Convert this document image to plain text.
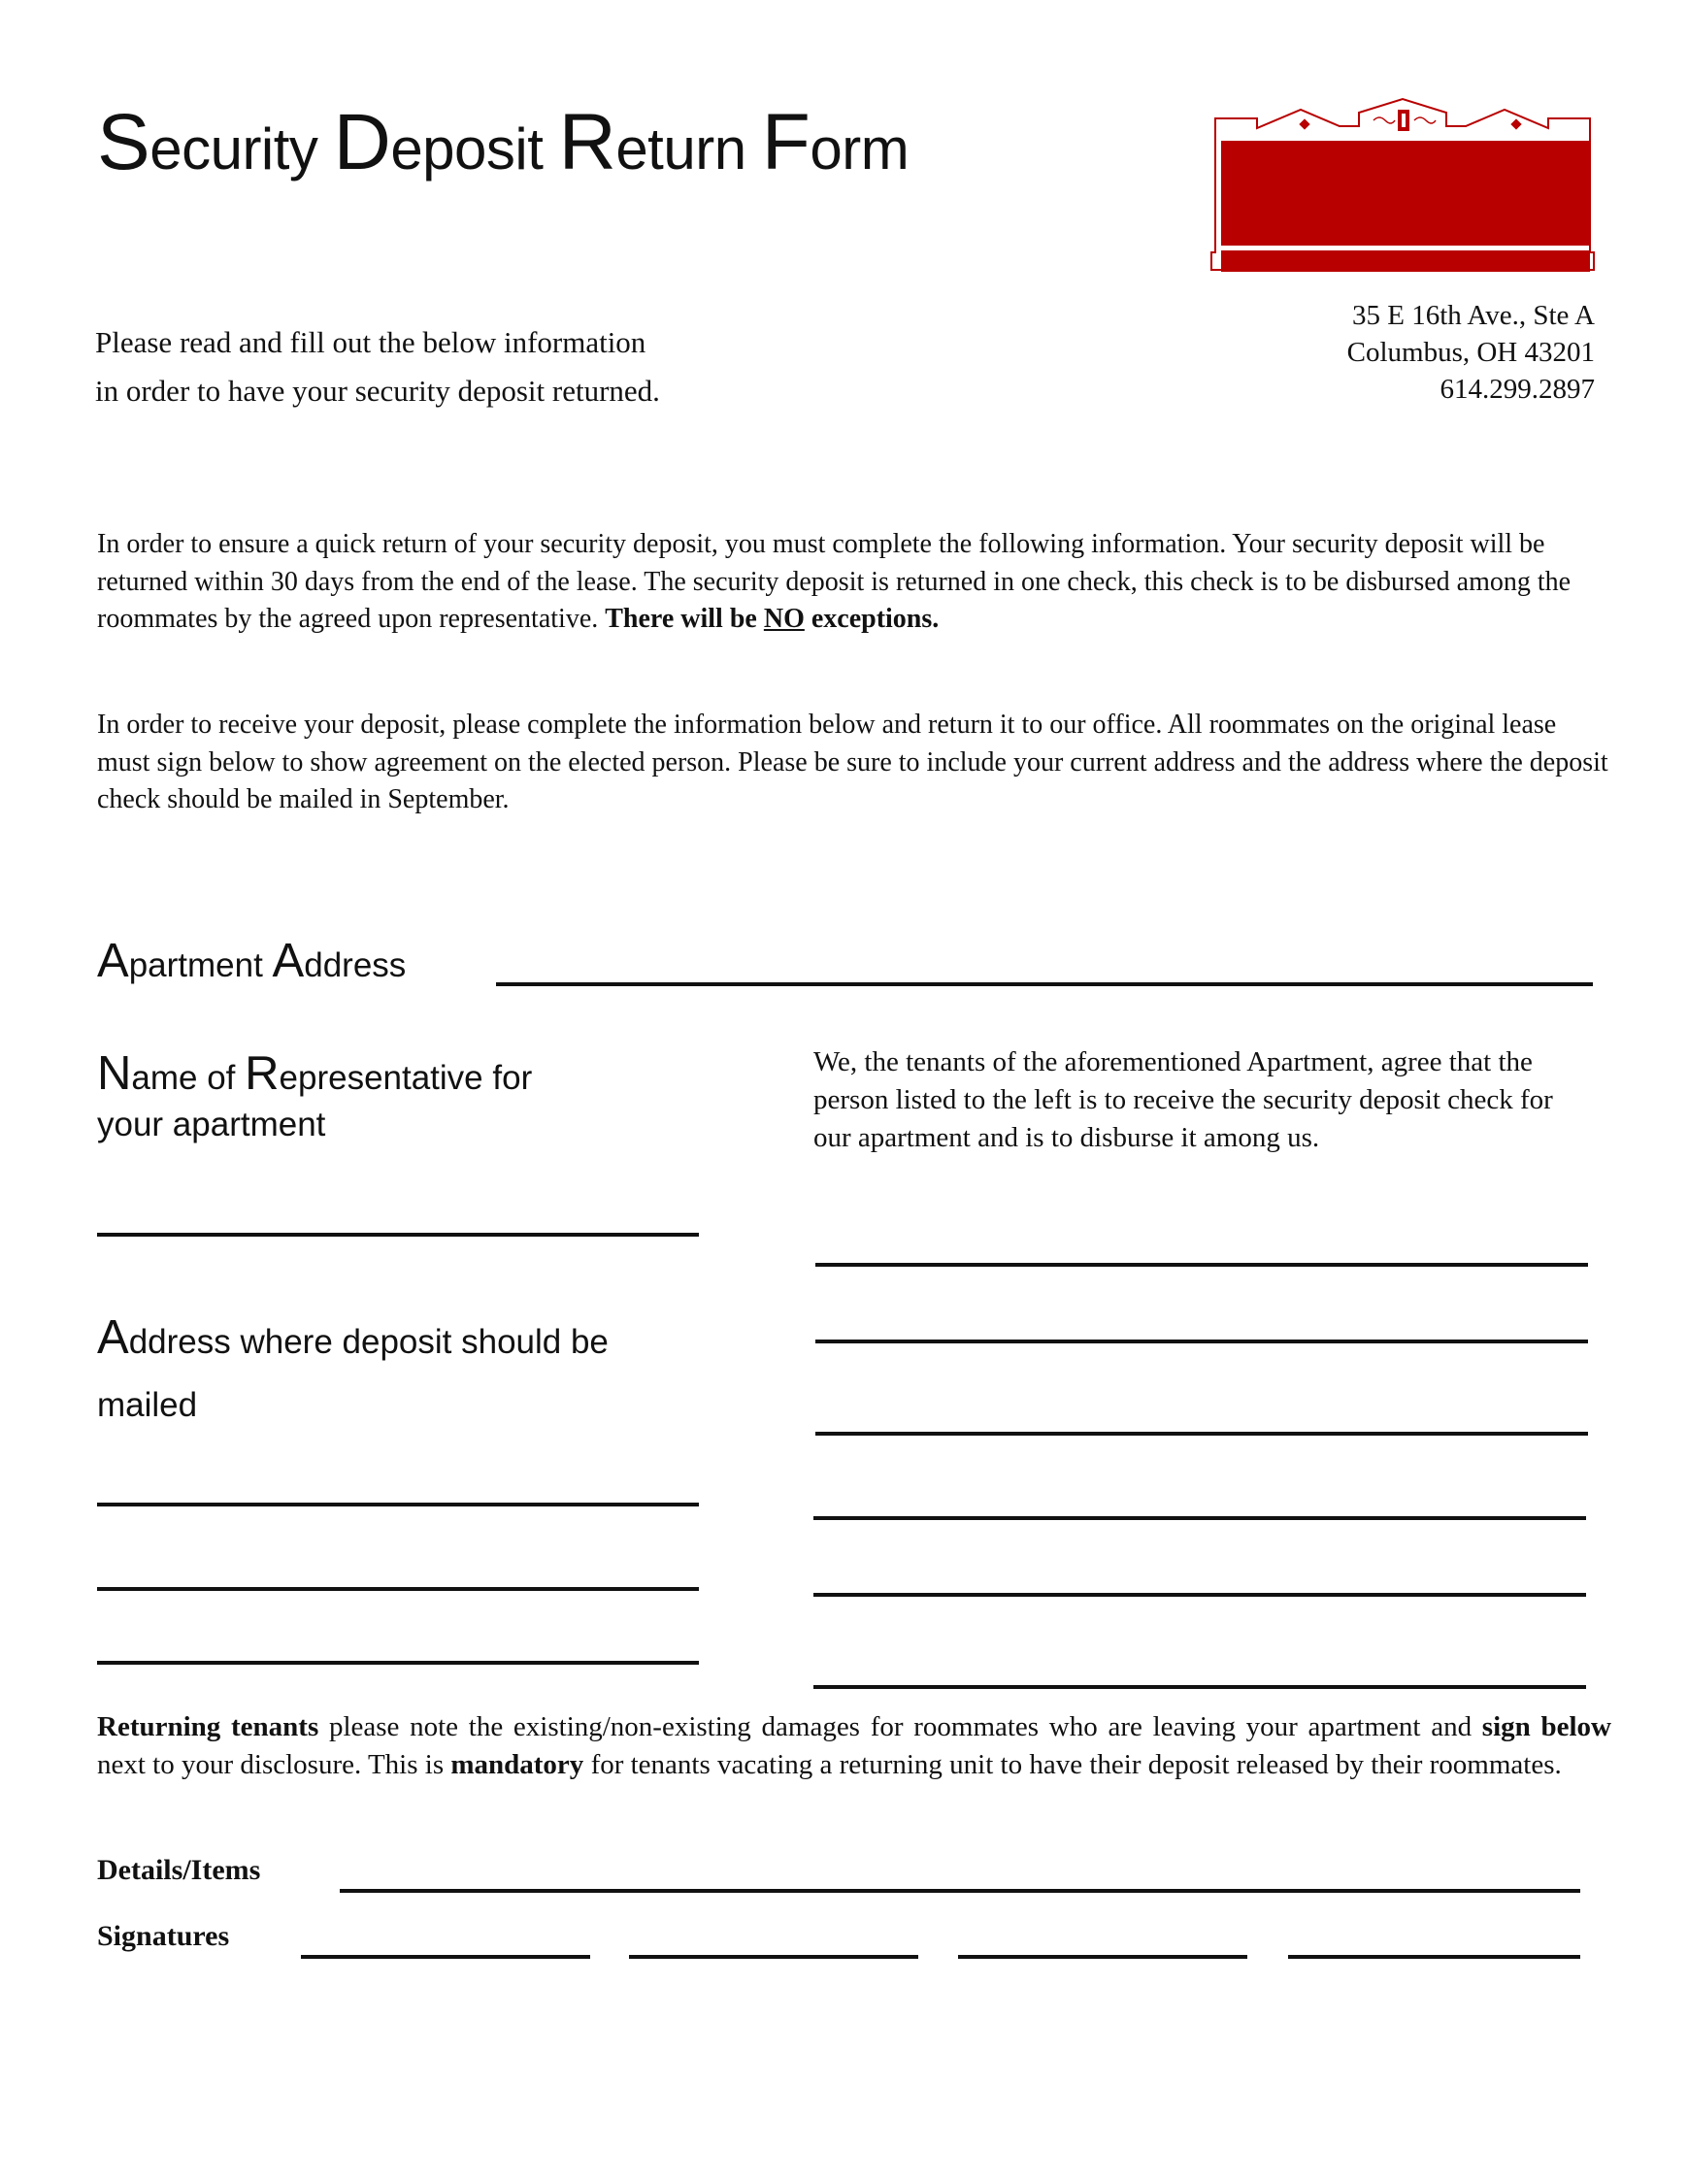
Security Deposit Return Form
Please read and fill out the below information
in order to have your security deposit returned.
35 E 16th Ave., Ste A
Columbus, OH 43201
614.299.2897
In order to ensure a quick return of your security deposit, you must complete the following information. Your security deposit will be returned within 30 days from the end of the lease. The security deposit is returned in one check, this check is to be disbursed among the roommates by the agreed upon representative. There will be NO exceptions.
In order to receive your deposit, please complete the information below and return it to our office. All roommates on the original lease must sign below to show agreement on the elected person. Please be sure to include your current address and the address where the deposit check should be mailed in September.
Apartment Address
Name of Representative for
your apartment
We, the tenants of the aforementioned Apartment, agree that the person listed to the left is to receive the security deposit check for our apartment and is to disburse it among us.
Address where deposit should be
mailed
Returning tenants please note the existing/non-existing damages for roommates who are leaving your apartment and sign below next to your disclosure. This is mandatory for tenants vacating a returning unit to have their deposit released by their roommates.
Details/Items
Signatures
